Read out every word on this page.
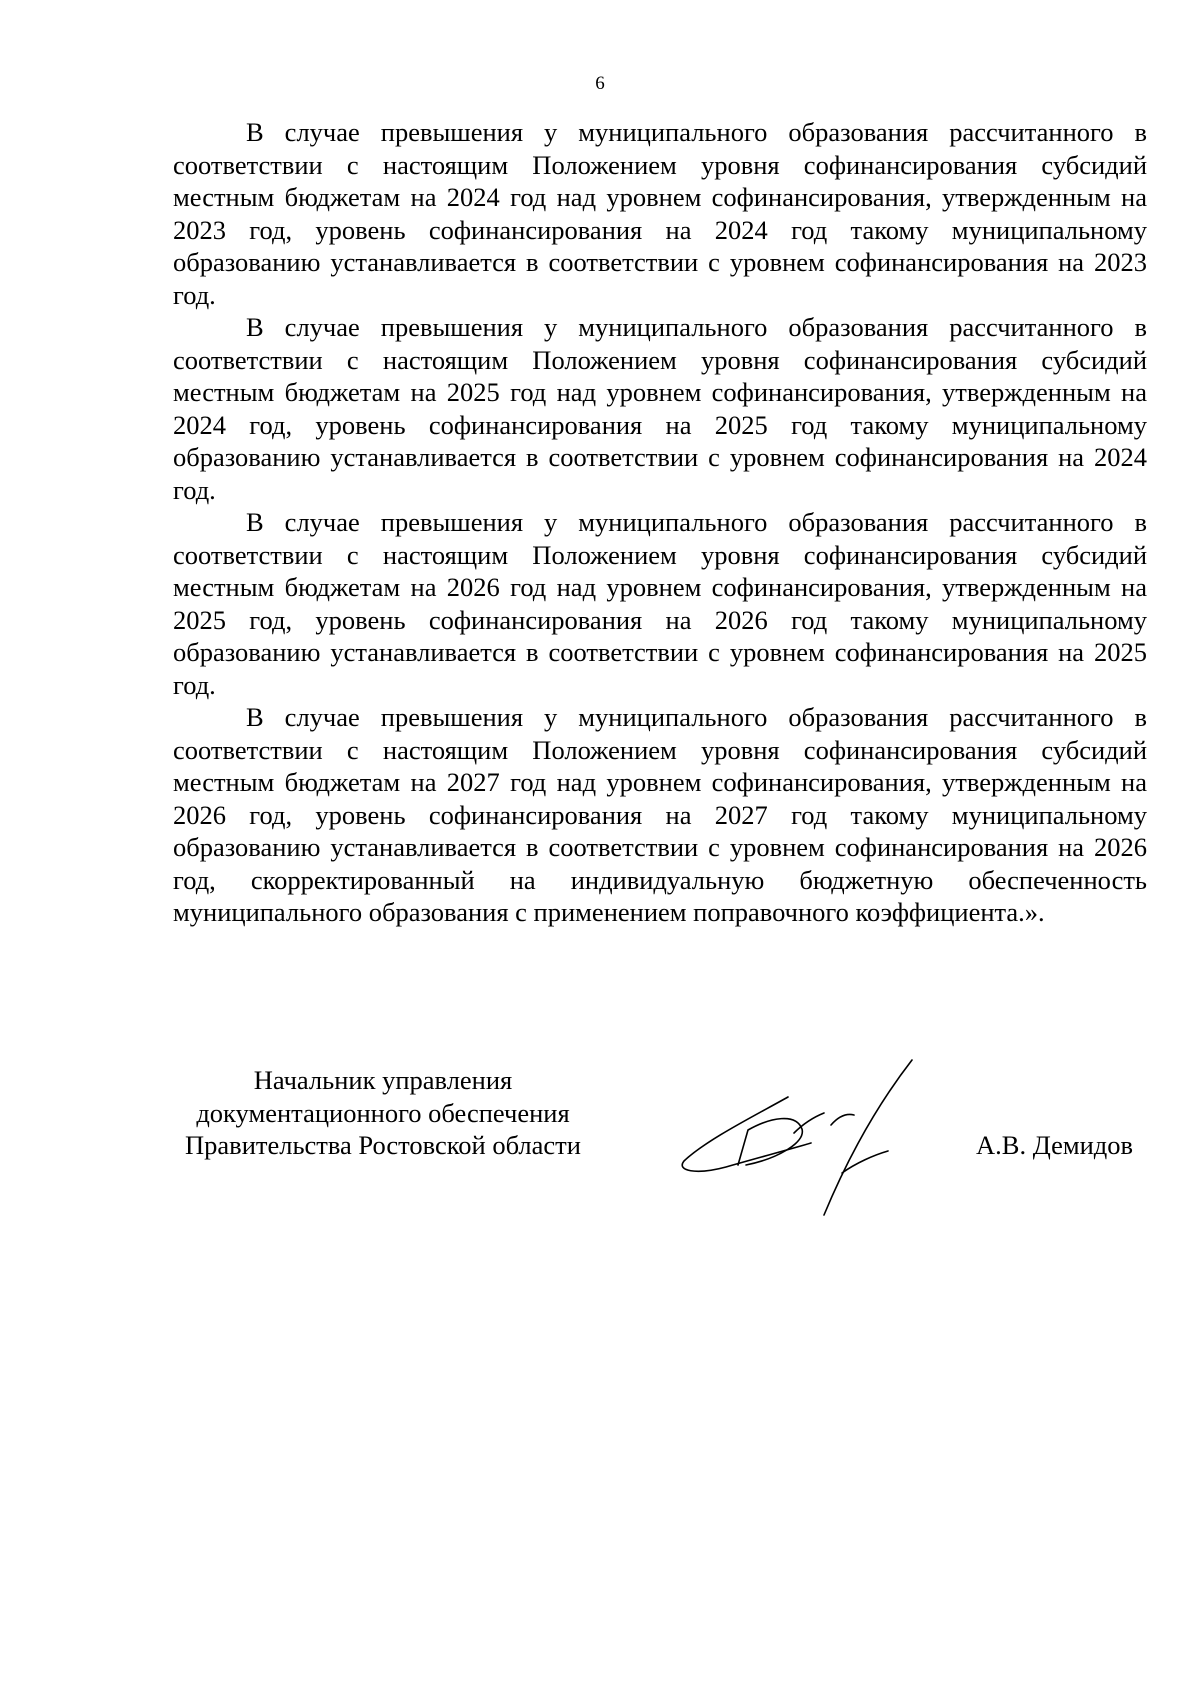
6

В случае превышения у муниципального образования рассчитанного в соответствии с настоящим Положением уровня софинансирования субсидий местным бюджетам на 2024 год над уровнем софинансирования, утвержденным на 2023 год, уровень софинансирования на 2024 год такому муниципальному образованию устанавливается в соответствии с уровнем софинансирования на 2023 год.

В случае превышения у муниципального образования рассчитанного в соответствии с настоящим Положением уровня софинансирования субсидий местным бюджетам на 2025 год над уровнем софинансирования, утвержденным на 2024 год, уровень софинансирования на 2025 год такому муниципальному образованию устанавливается в соответствии с уровнем софинансирования на 2024 год.

В случае превышения у муниципального образования рассчитанного в соответствии с настоящим Положением уровня софинансирования субсидий местным бюджетам на 2026 год над уровнем софинансирования, утвержденным на 2025 год, уровень софинансирования на 2026 год такому муниципальному образованию устанавливается в соответствии с уровнем софинансирования на 2025 год.

В случае превышения у муниципального образования рассчитанного в соответствии с настоящим Положением уровня софинансирования субсидий местным бюджетам на 2027 год над уровнем софинансирования, утвержденным на 2026 год, уровень софинансирования на 2027 год такому муниципальному образованию устанавливается в соответствии с уровнем софинансирования на 2026 год, скорректированный на индивидуальную бюджетную обеспеченность муниципального образования с применением поправочного коэффициента.».

Начальник управления
документационного обеспечения
Правительства Ростовской области	А.В. Демидов
